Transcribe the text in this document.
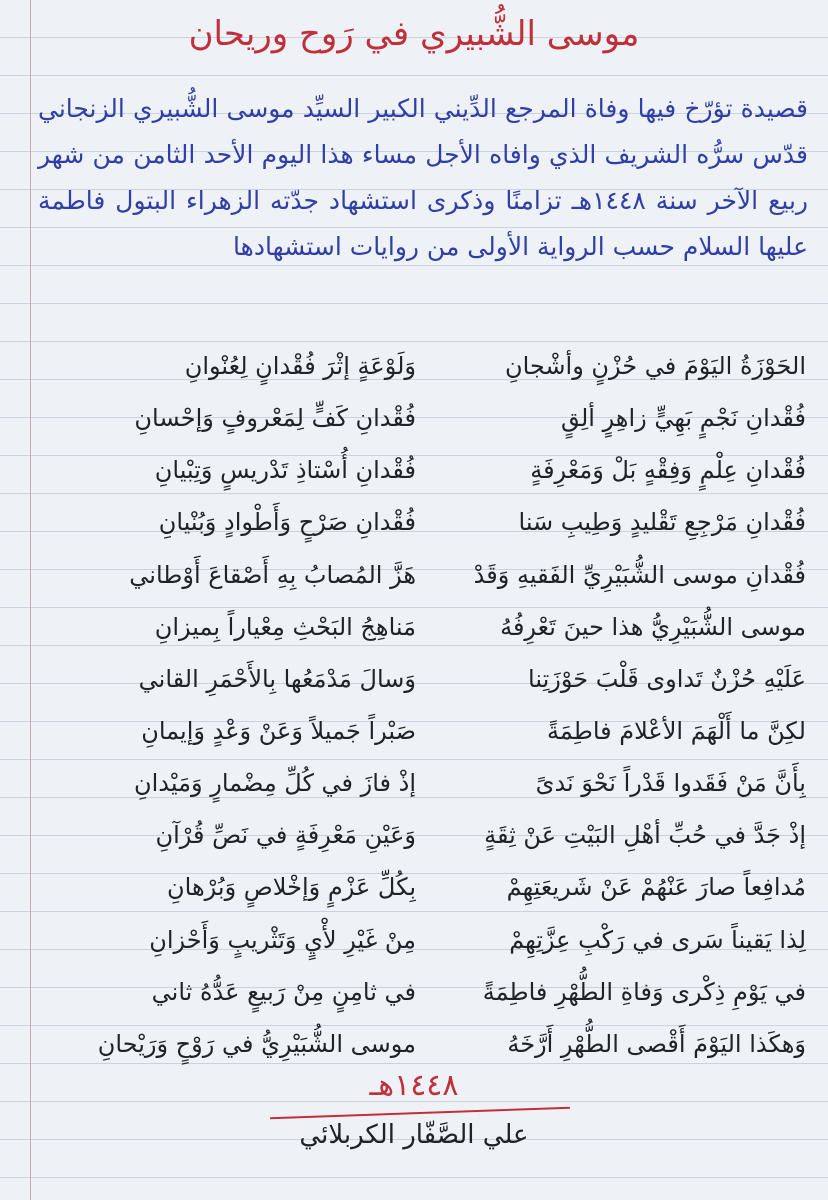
موسى الشُّبيري في رَوح وريحان
قصيدة تؤرّخ فيها وفاة المرجع الدِّيني الكبير السيِّد موسى الشُّبيري الزنجاني قدّس سرُّه الشريف الذي وافاه الأجل مساء هذا اليوم الأحد الثامن من شهر ربيع الآخر سنة ١٤٤٨هـ تزامنًا وذكرى استشهاد جدّته الزهراء البتول فاطمة عليها السلام حسب الرواية الأولى من روايات استشهادها
الحَوْزَةُ اليَوْمَ في حُزْنٍ وأشْجانِ
فُقْدانِ نَجْمٍ بَهِيٍّ زاهِرٍ ألِقٍ
فُقْدانِ عِلْمٍ وَفِقْهٍ بَلْ وَمَعْرِفَةٍ
فُقْدانِ مَرْجِعِ تَقْليدٍ وَطِيبِ سَنا
فُقْدانِ موسى الشُّبَيْرِيِّ الفَقيهِ وَقَدْ
موسى الشُّبَيْرِيُّ هذا حينَ تَعْرِفُهُ
عَلَيْهِ حُزْنٌ تَداوى قَلْبَ حَوْزَتِنا
لكِنَّ ما أَلْهَمَ الأعْلامَ فاطِمَةً
بِأَنَّ مَنْ فَقَدوا قَدْراً نَحْوَ نَدىً
إذْ جَدَّ في حُبِّ أهْلِ البَيْتِ عَنْ ثِقَةٍ
مُدافِعاً صارَ عَنْهُمْ عَنْ شَريعَتِهِمْ
لِذا يَقيناً سَرى في رَكْبِ عِزَّتِهِمْ
في يَوْمِ ذِكْرى وَفاةِ الطُّهْرِ فاطِمَةً
وَهكَذا اليَوْمَ أَقْصى الطُّهْرِ أَرَّخَهُ
وَلَوْعَةٍ إثْرَ فُقْدانٍ لِعُنْوانِ
فُقْدانِ كَفٍّ لِمَعْروفٍ وَإحْسانِ
فُقْدانِ أُسْتاذِ تَدْريسٍ وَتِبْيانِ
فُقْدانِ صَرْحٍ وَأَطْوادٍ وَبُنْيانِ
هَزَّ المُصابُ بِهِ أَصْقاعَ أَوْطاني
مَناهِجُ البَحْثِ مِعْياراً بِميزانِ
وَسالَ مَدْمَعُها بِالأَحْمَرِ القاني
صَبْراً جَميلاً وَعَنْ وَعْدٍ وَإيمانِ
إذْ فازَ في كُلِّ مِضْمارٍ وَمَيْدانِ
وَعَيْنِ مَعْرِفَةٍ في نَصِّ قُرْآنِ
بِكُلِّ عَزْمٍ وَإخْلاصٍ وَبُرْهانِ
مِنْ غَيْرِ لأْيٍ وَتَثْريبٍ وَأَحْزانِ
في ثامِنٍ مِنْ رَبيعٍ عَدُّهُ ثاني
موسى الشُّبَيْرِيُّ في رَوْحٍ وَرَيْحانِ
١٤٤٨هـ
علي الصَّفّار الكربلائي
